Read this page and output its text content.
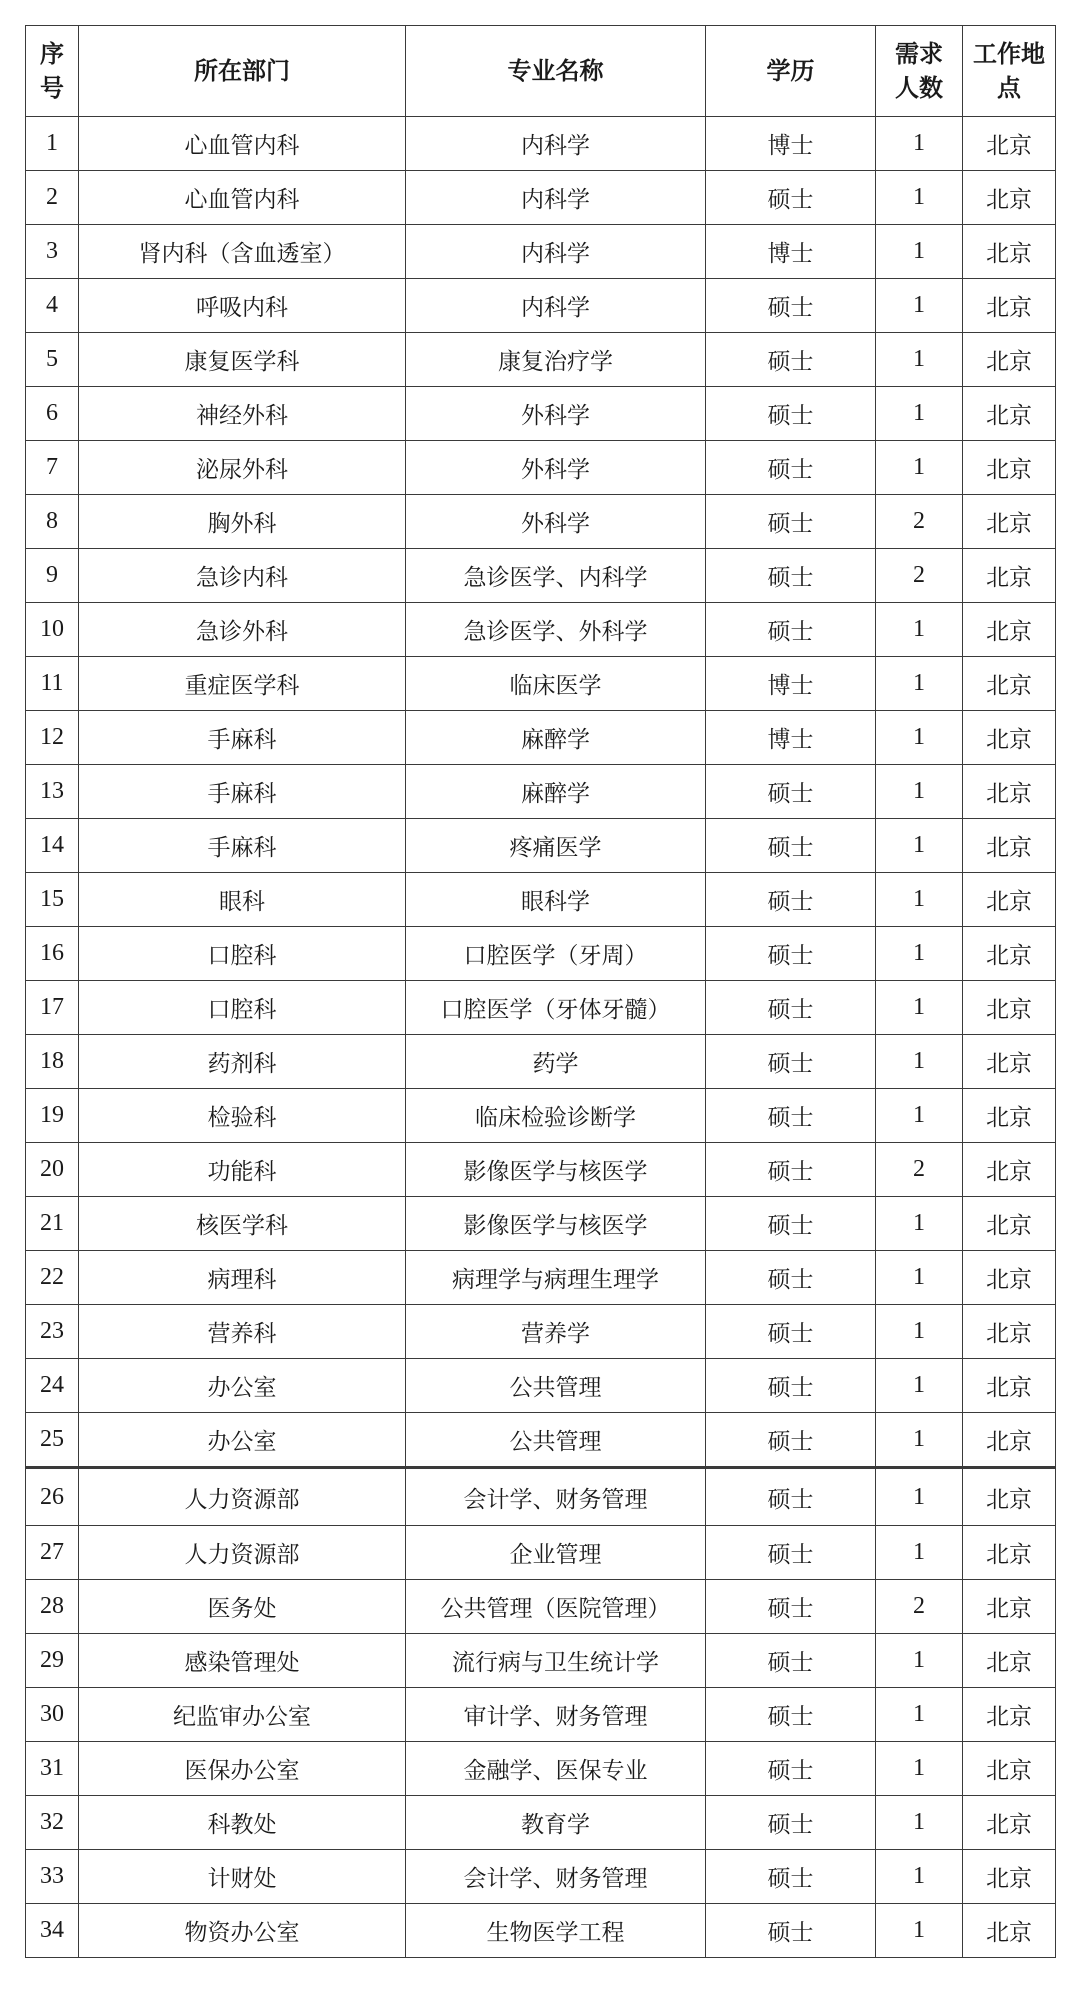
序号	所在部门	专业名称	学历	需求人数	工作地点

1	心血管内科	内科学	博士	1	北京
2	心血管内科	内科学	硕士	1	北京
3	肾内科（含血透室）	内科学	博士	1	北京
4	呼吸内科	内科学	硕士	1	北京
5	康复医学科	康复治疗学	硕士	1	北京
6	神经外科	外科学	硕士	1	北京
7	泌尿外科	外科学	硕士	1	北京
8	胸外科	外科学	硕士	2	北京
9	急诊内科	急诊医学、内科学	硕士	2	北京
10	急诊外科	急诊医学、外科学	硕士	1	北京
11	重症医学科	临床医学	博士	1	北京
12	手麻科	麻醉学	博士	1	北京
13	手麻科	麻醉学	硕士	1	北京
14	手麻科	疼痛医学	硕士	1	北京
15	眼科	眼科学	硕士	1	北京
16	口腔科	口腔医学（牙周）	硕士	1	北京
17	口腔科	口腔医学（牙体牙髓）	硕士	1	北京
18	药剂科	药学	硕士	1	北京
19	检验科	临床检验诊断学	硕士	1	北京
20	功能科	影像医学与核医学	硕士	2	北京
21	核医学科	影像医学与核医学	硕士	1	北京
22	病理科	病理学与病理生理学	硕士	1	北京
23	营养科	营养学	硕士	1	北京
24	办公室	公共管理	硕士	1	北京
25	办公室	公共管理	硕士	1	北京
26	人力资源部	会计学、财务管理	硕士	1	北京
27	人力资源部	企业管理	硕士	1	北京
28	医务处	公共管理（医院管理）	硕士	2	北京
29	感染管理处	流行病与卫生统计学	硕士	1	北京
30	纪监审办公室	审计学、财务管理	硕士	1	北京
31	医保办公室	金融学、医保专业	硕士	1	北京
32	科教处	教育学	硕士	1	北京
33	计财处	会计学、财务管理	硕士	1	北京
34	物资办公室	生物医学工程	硕士	1	北京
